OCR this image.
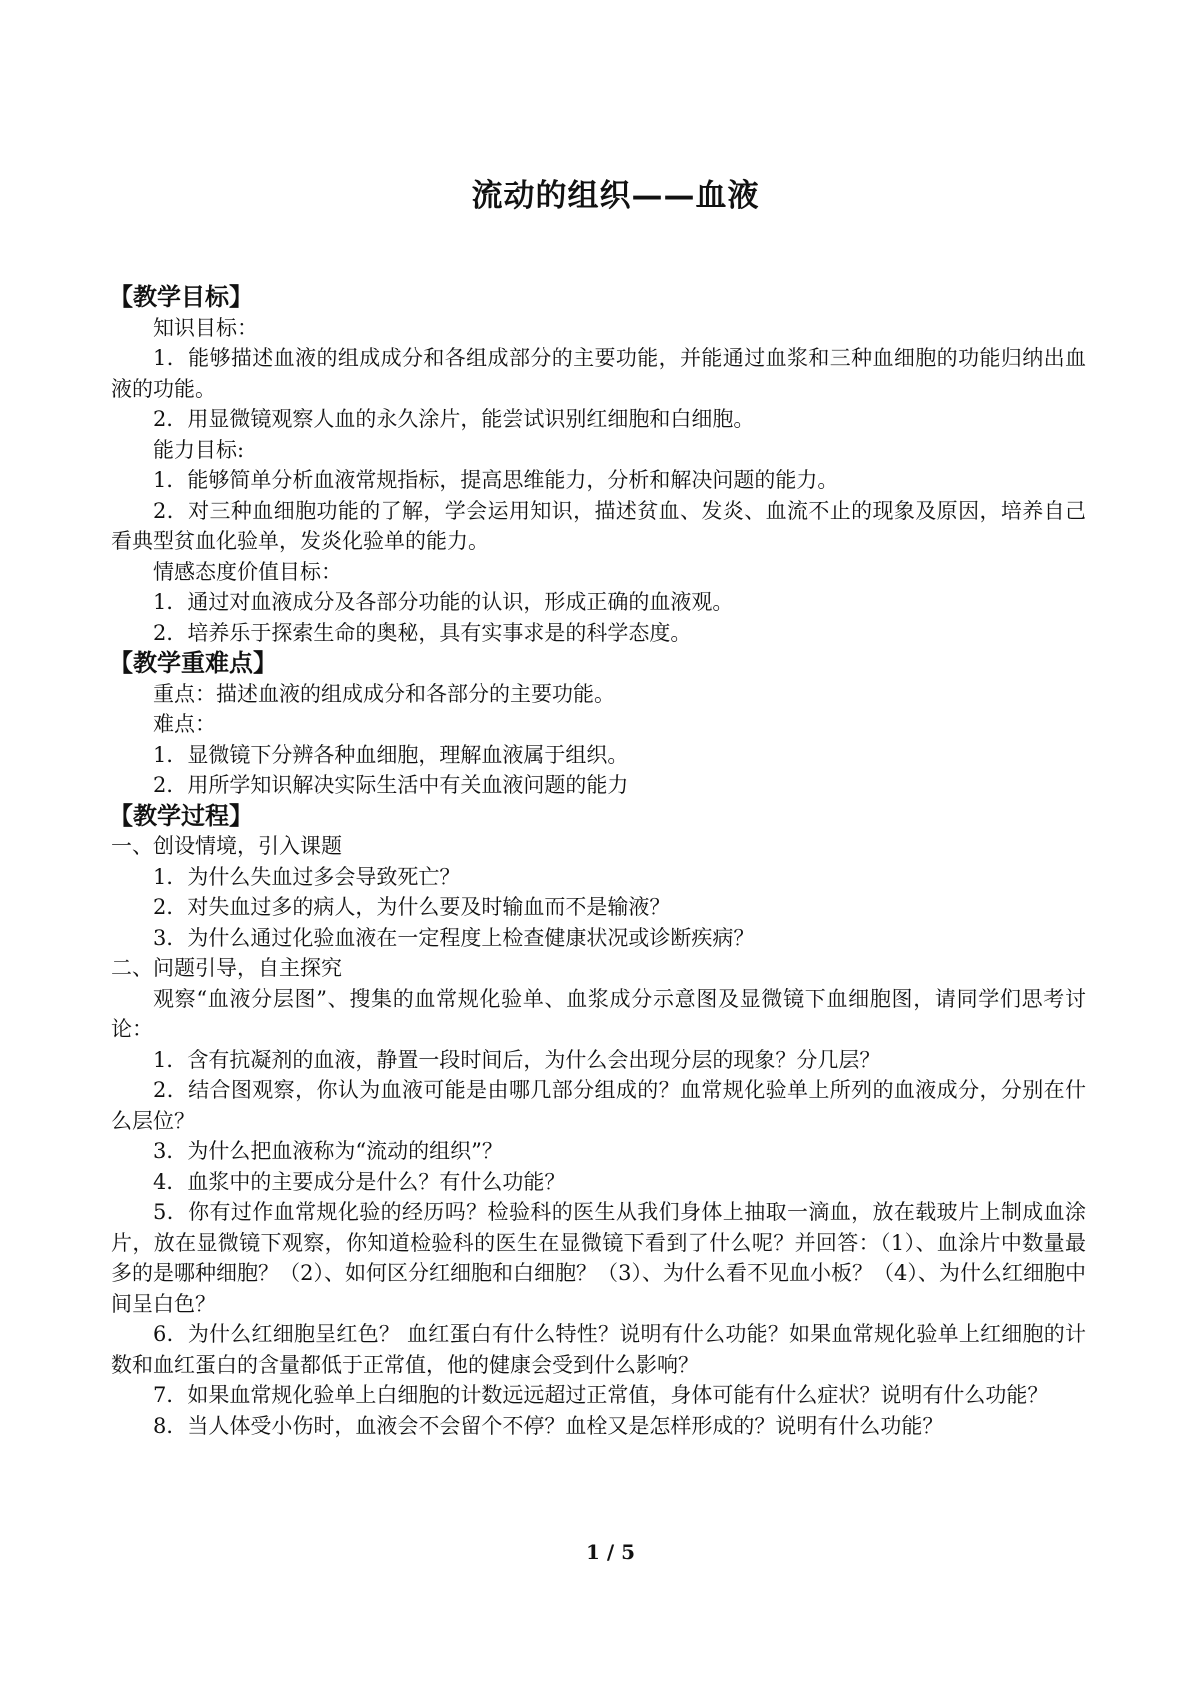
流动的组织——血液
【教学目标】
知识目标：
1．能够描述血液的组成成分和各组成部分的主要功能，并能通过血浆和三种血细胞的功能归纳出血液的功能。
2．用显微镜观察人血的永久涂片，能尝试识别红细胞和白细胞。
能力目标:
1．能够简单分析血液常规指标，提高思维能力，分析和解决问题的能力。
2．对三种血细胞功能的了解，学会运用知识，描述贫血、发炎、血流不止的现象及原因，培养自己看典型贫血化验单，发炎化验单的能力。
情感态度价值目标：
1．通过对血液成分及各部分功能的认识，形成正确的血液观。
2．培养乐于探索生命的奥秘，具有实事求是的科学态度。
【教学重难点】
重点：描述血液的组成成分和各部分的主要功能。
难点：
1．显微镜下分辨各种血细胞，理解血液属于组织。
2．用所学知识解决实际生活中有关血液问题的能力
【教学过程】
一、创设情境，引入课题
1．为什么失血过多会导致死亡？
2．对失血过多的病人，为什么要及时输血而不是输液？
3．为什么通过化验血液在一定程度上检查健康状况或诊断疾病？
二、问题引导，自主探究
观察“血液分层图”、搜集的血常规化验单、血浆成分示意图及显微镜下血细胞图，请同学们思考讨论：
1．含有抗凝剂的血液，静置一段时间后，为什么会出现分层的现象？分几层？
2．结合图观察，你认为血液可能是由哪几部分组成的？血常规化验单上所列的血液成分，分别在什么层位？
3．为什么把血液称为“流动的组织”？
4．血浆中的主要成分是什么？有什么功能？
5．你有过作血常规化验的经历吗？检验科的医生从我们身体上抽取一滴血，放在载玻片上制成血涂片，放在显微镜下观察，你知道检验科的医生在显微镜下看到了什么呢？并回答：（1）、血涂片中数量最多的是哪种细胞？（2）、如何区分红细胞和白细胞？（3）、为什么看不见血小板？（4）、为什么红细胞中间呈白色？
6．为什么红细胞呈红色？ 血红蛋白有什么特性？说明有什么功能？如果血常规化验单上红细胞的计数和血红蛋白的含量都低于正常值，他的健康会受到什么影响？
7．如果血常规化验单上白细胞的计数远远超过正常值，身体可能有什么症状？说明有什么功能？
8．当人体受小伤时，血液会不会留个不停？血栓又是怎样形成的？说明有什么功能？
1 / 5
